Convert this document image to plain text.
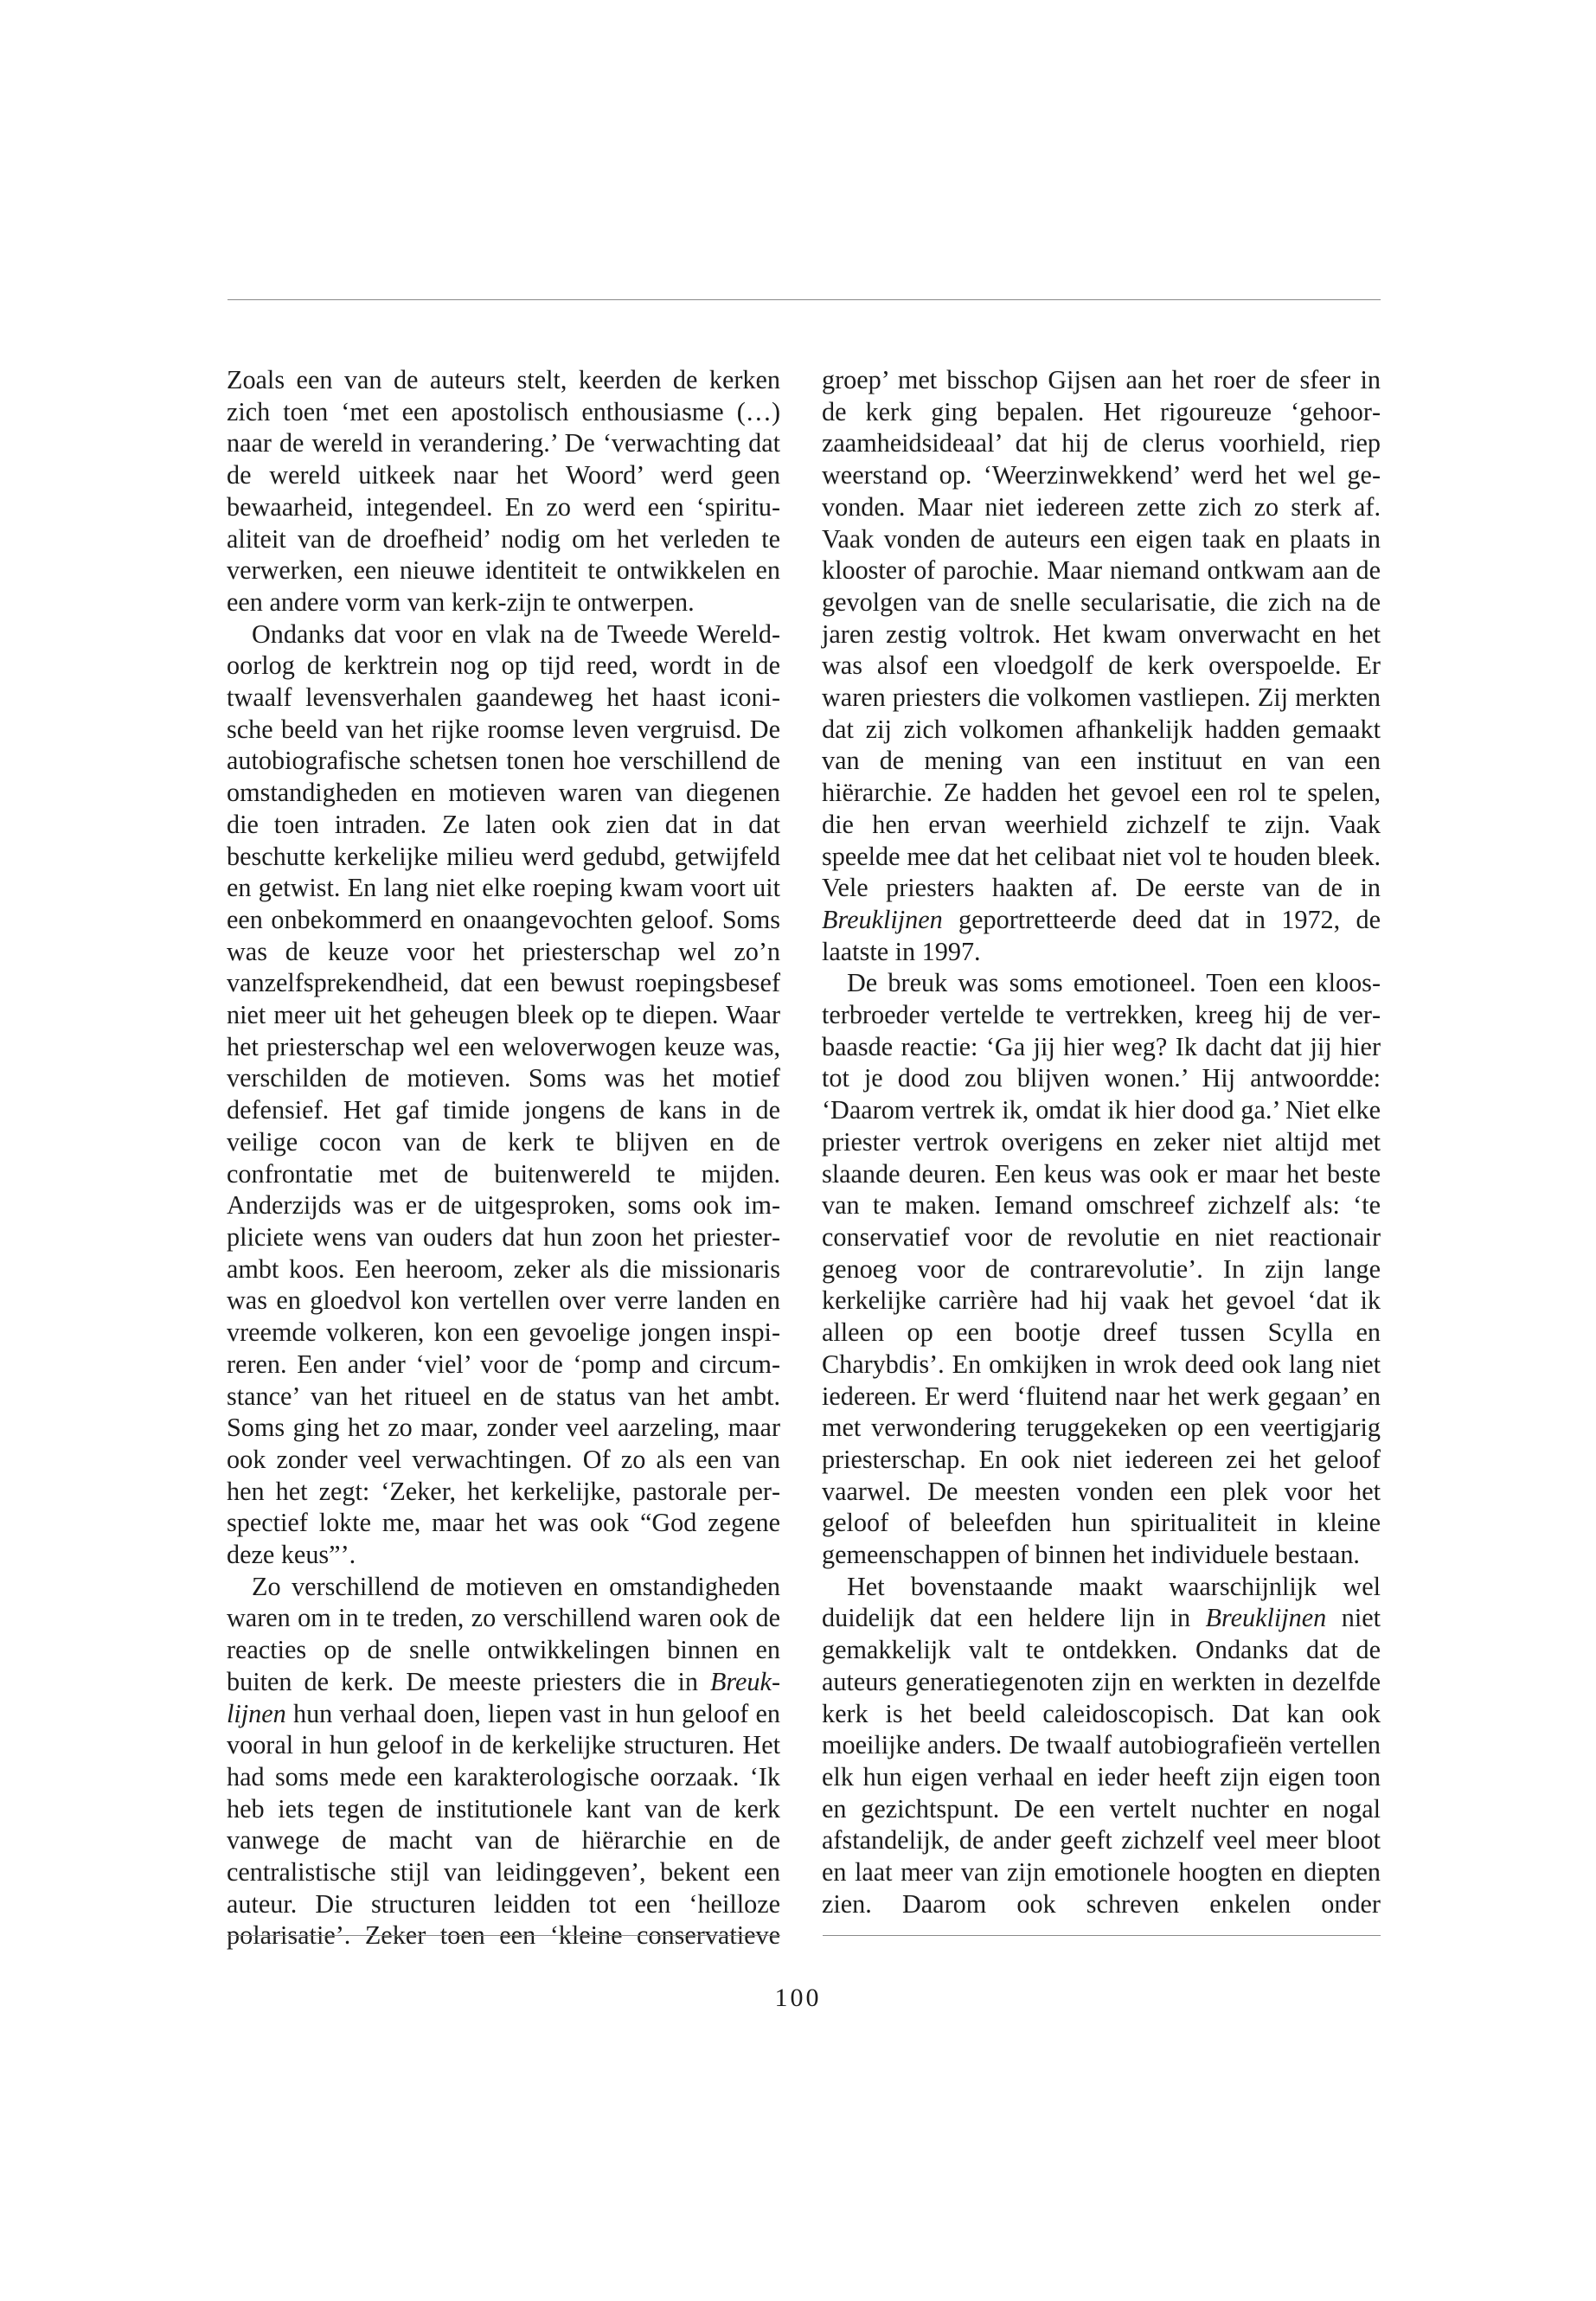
Zoals een van de auteurs stelt, keerden de kerken zich toen ‘met een apostolisch enthousiasme (…) naar de wereld in verandering.’ De ‘verwachting dat de wereld uitkeek naar het Woord’ werd geen bewaarheid, integendeel. En zo werd een ‘spiritualiteit van de droefheid’ nodig om het verleden te verwerken, een nieuwe identiteit te ontwikkelen en een andere vorm van kerk-zijn te ontwerpen.

Ondanks dat voor en vlak na de Tweede Wereldoorlog de kerktrein nog op tijd reed, wordt in de twaalf levensverhalen gaandeweg het haast iconische beeld van het rijke roomse leven vergruisd. De autobiografische schetsen tonen hoe verschillend de omstandigheden en motieven waren van diegenen die toen intraden. Ze laten ook zien dat in dat beschutte kerkelijke milieu werd gedubd, getwijfeld en getwist. En lang niet elke roeping kwam voort uit een onbekommerd en onaangevochten geloof. Soms was de keuze voor het priesterschap wel zo’n vanzelfsprekendheid, dat een bewust roepingsbesef niet meer uit het geheugen bleek op te diepen. Waar het priesterschap wel een weloverwogen keuze was, verschilden de motieven. Soms was het motief defensief. Het gaf timide jongens de kans in de veilige cocon van de kerk te blijven en de confrontatie met de buitenwereld te mijden. Anderzijds was er de uitgesproken, soms ook impliciete wens van ouders dat hun zoon het priesterambt koos. Een heeroom, zeker als die missionaris was en gloedvol kon vertellen over verre landen en vreemde volkeren, kon een gevoelige jongen inspireren. Een ander ‘viel’ voor de ‘pomp and circumstance’ van het ritueel en de status van het ambt. Soms ging het zo maar, zonder veel aarzeling, maar ook zonder veel verwachtingen. Of zo als een van hen het zegt: ‘Zeker, het kerkelijke, pastorale perspectief lokte me, maar het was ook “God zegene deze keus”’.

Zo verschillend de motieven en omstandigheden waren om in te treden, zo verschillend waren ook de reacties op de snelle ontwikkelingen binnen en buiten de kerk. De meeste priesters die in Breuklijnen hun verhaal doen, liepen vast in hun geloof en vooral in hun geloof in de kerkelijke structuren. Het had soms mede een karakterologische oorzaak. ‘Ik heb iets tegen de institutionele kant van de kerk vanwege de macht van de hiërarchie en de centralistische stijl van leidinggeven’, bekent een auteur. Die structuren leidden tot een ‘heilloze polarisatie’. Zeker toen een ‘kleine conservatieve

groep’ met bisschop Gijsen aan het roer de sfeer in de kerk ging bepalen. Het rigoureuze ‘gehoorzaamheidsideaal’ dat hij de clerus voorhield, riep weerstand op. ‘Weerzinwekkend’ werd het wel gevonden. Maar niet iedereen zette zich zo sterk af. Vaak vonden de auteurs een eigen taak en plaats in klooster of parochie. Maar niemand ontkwam aan de gevolgen van de snelle secularisatie, die zich na de jaren zestig voltrok. Het kwam onverwacht en het was alsof een vloedgolf de kerk overspoelde. Er waren priesters die volkomen vastliepen. Zij merkten dat zij zich volkomen afhankelijk hadden gemaakt van de mening van een instituut en van een hiërarchie. Ze hadden het gevoel een rol te spelen, die hen ervan weerhield zichzelf te zijn. Vaak speelde mee dat het celibaat niet vol te houden bleek. Vele priesters haakten af. De eerste van de in Breuklijnen geportretteerde deed dat in 1972, de laatste in 1997.

De breuk was soms emotioneel. Toen een kloosterbroeder vertelde te vertrekken, kreeg hij de verbaasde reactie: ‘Ga jij hier weg? Ik dacht dat jij hier tot je dood zou blijven wonen.’ Hij antwoordde: ‘Daarom vertrek ik, omdat ik hier dood ga.’ Niet elke priester vertrok overigens en zeker niet altijd met slaande deuren. Een keus was ook er maar het beste van te maken. Iemand omschreef zichzelf als: ‘te conservatief voor de revolutie en niet reactionair genoeg voor de contrarevolutie’. In zijn lange kerkelijke carrière had hij vaak het gevoel ‘dat ik alleen op een bootje dreef tussen Scylla en Charybdis’. En omkijken in wrok deed ook lang niet iedereen. Er werd ‘fluitend naar het werk gegaan’ en met verwondering teruggekeken op een veertigjarig priesterschap. En ook niet iedereen zei het geloof vaarwel. De meesten vonden een plek voor het geloof of beleefden hun spiritualiteit in kleine gemeenschappen of binnen het individuele bestaan.

Het bovenstaande maakt waarschijnlijk wel duidelijk dat een heldere lijn in Breuklijnen niet gemakkelijk valt te ontdekken. Ondanks dat de auteurs generatiegenoten zijn en werkten in dezelfde kerk is het beeld caleidoscopisch. Dat kan ook moeilijke anders. De twaalf autobiografieën vertellen elk hun eigen verhaal en ieder heeft zijn eigen toon en gezichtspunt. De een vertelt nuchter en nogal afstandelijk, de ander geeft zichzelf veel meer bloot en laat meer van zijn emotionele hoogten en diepten zien. Daarom ook schreven enkelen onder

100
